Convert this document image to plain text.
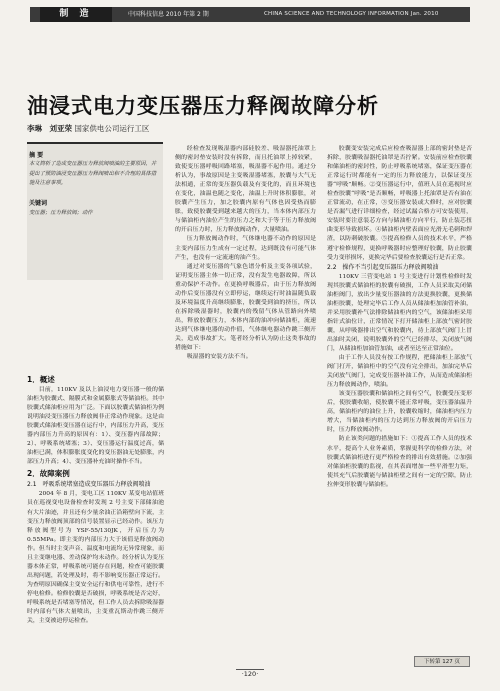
制 造	中国科技信息 2010 年第 2 期	CHINA SCIENCE AND TECHNOLOGY INFORMATION Jan. 2010
油浸式电力变压器压力释阀故障分析
李琳　刘亚荣 国家供电公司运行工区
摘 要
本文简析了造成变压器压力释放阀喷油的主要原因，并提出了预防油浸变压器压力释阀喷出和不合理的具体措施及注意事项。
关键词
变压器；压力释放阀；动作

1．概述

目前，110KV 及以上油浸电力变压器一般的储油柜为胶囊式、隔膜式和金属膨胀式等储油柜。其中胶囊式储油柜应用为广泛。下面以胶囊式储油柜为例说明油浸变压器压力释放阀非正常动作现象。这是由胶囊式储油柜变压器在运行中，内部压力升高，变压器内部压力升高的原因有：1）、变压器内部故障；2）、呼吸系统堵塞；3）、变压器运行温度过高，储油柜已满，体积膨胀度变化的变压器油无处膨胀，内部压力升高；4）、变压器补充油时操作不当。

2．故障案例

2.1　呼吸系统堵塞造成变压器压力释放阀喷油

2004 年 8 月，变电工区 110KV 某变电站值班员在巡视变电设备检查时发现 2 号主变下部储油池有大片油迹，并且还有少量余油正沿箱壁向下流，主变压力释放阀顶部的信号装置显示已经动作。该压力释放阀型号为 YSF-55/130JK，开启压力为 0.55MPa。即主变的内部压力大于该值是释放阀动作。但当时主变声音、温度和电流均无异常现象，而且主变继电器、差动保护均未动作。经分析认为变压器本体正常，呼吸系统可能存在问题，检查可能胶囊出现问题，若处理及时，将不影响变压器正常运行。为查明原因确保主变安全运行和供电可靠性，进行不停电检修。检修胶囊是否破损，呼吸系统是否完好，呼吸系统是否堵塞等情况，但工作人员去拆除吸湿器时内部有气体大量喷出，主变重瓦斯动作跳三侧开关，主变被迫停运检查。

经检查发现吸湿器内部硅胶差、吸湿器托油罩上侧的密封垫安装时没有拆除，而且托油罩上掉较紧，致使变压器呼吸回路堵塞，吸湿器不起作用。通过分析认为，事故原因是主变吸湿器堵塞，胶囊与大气无法相通，正常的变压器负载及有变化的，而且环境也在变化，油温也随之变化，油温上升时体积膨胀，对胶囊产生压力，加之胶囊内原有气体也因受热而膨胀，致使胶囊受到越来越大的压力，当本体内部压力与储油柜内油位产生的压力之和大于等于压力释放阀的开启压力时，压力释放阀动作，大量喷油。

压力释放阀动作时，气体继电器不动作的原因是主变内部压力生成有一定过程，达到既没有可能气体产生，也没有一定流速的油产生。

通过对变压器的气象色谱分析及主变各项试验，证明变压器主体一切正常，没有发生电器故障，所以重动保护不动作。在更换呼吸器后，由于压力释放阀动作后变压器没有立即停运，继续运行时油温随负载及环境温度升高继续膨胀，胶囊受到油的挤压，所以在拆除吸湿器时，胶囊内的残留气体从管路向外喷出，释放胶囊压力，本体内部的油冲向储油柜，流速达到气体继电器的动作值，气体继电器动作跳三侧开关，造成事故扩大。笔者经分析认为防止这类事故的措施如下：

吸湿器的安装方法不当。

胶囊变安装完成后应检查吸湿器上部的密封垫是否拆除，胶囊吸湿器托油罩是否拧紧。安装前应检查胶囊和储油柜的密封性，防止呼吸系统堵塞，保证变压器在正常运行时都能有一定的压力释放能力，以保证变压器“呼吸”顺畅。②变压器运行中，值班人员在巡视时应检查胶囊“呼吸”是否顺畅，呼吸器上托油罩是否有油在正常流动，在正常，③变压器安装或大修时，应对胶囊是否漏气进行详细检查，经过试漏合格方可安装使用，安装时要注意装芯方向与储油柜方向平行，防止装芯扭曲变形导致损坏。④储油柜内壁表面应光滑无毛刺和焊渣，以防刺破胶囊。⑤提高检修人员的技术水平，严格遵守检修规程，更换呼吸器时应整理好胶囊，防止胶囊受力变形损坏，更换完毕后要检查胶囊运行是否正常。

2.2　操作不当引起变压器压力释放阀喷油

110KV 三营变电站 1 号主变进行计划性检修时发现其胶囊式储油柜的胶囊有破损，工作人员采取关闭储油柜阀门，放出少量变压器油的方法更换胶囊，更换储油柜胶囊，处理完毕后工作人员从储油柜加油管补油，并采用胶囊补气法排除储油柜内的空气，该储油柜采用指针式油位计，正常情况下打开储油柜上部放气密封胶囊，从呼吸器排出空气和胶囊内，待上部放气阀门上冒出油时关闭，说明胶囊外的空气已经排尽，关闭放气阀门，从储油柜加油管加油，或者至达至正常油位。

由于工作人员没有按工作规程，把储油柜上部放气阀门打开，储油柜中的空气没有完全排出，加油完毕后关闭放气阀门，完成变压器补油工作，从而造成储油柜压力释放阀动作，喷油。

该变压器胶囊和储油柜之间有空气，胶囊受压变形后，使胶囊收缩，使胶囊不能正常呼吸，变压器油温升高，储油柜内的油位上升，胶囊收缩时，储油柜内压力增大，当储油柜内的压力达到压力释放阀的开启压力时，压力释放阀动作。

防止该类问题的措施如下：①提高工作人员的技术水平，提高个人业务素质，掌握更科学的检修方法，对胶囊式储油柜进行更严格检查的排出有效措施。②加强对储油柜胶囊的监视，在其表面增加一些平滑型力矩，使其充气后胶囊能与储油柜壁之间有一定的空隙，防止拉伸变形胶囊与储油柜。

下转第 127 页
·120·
